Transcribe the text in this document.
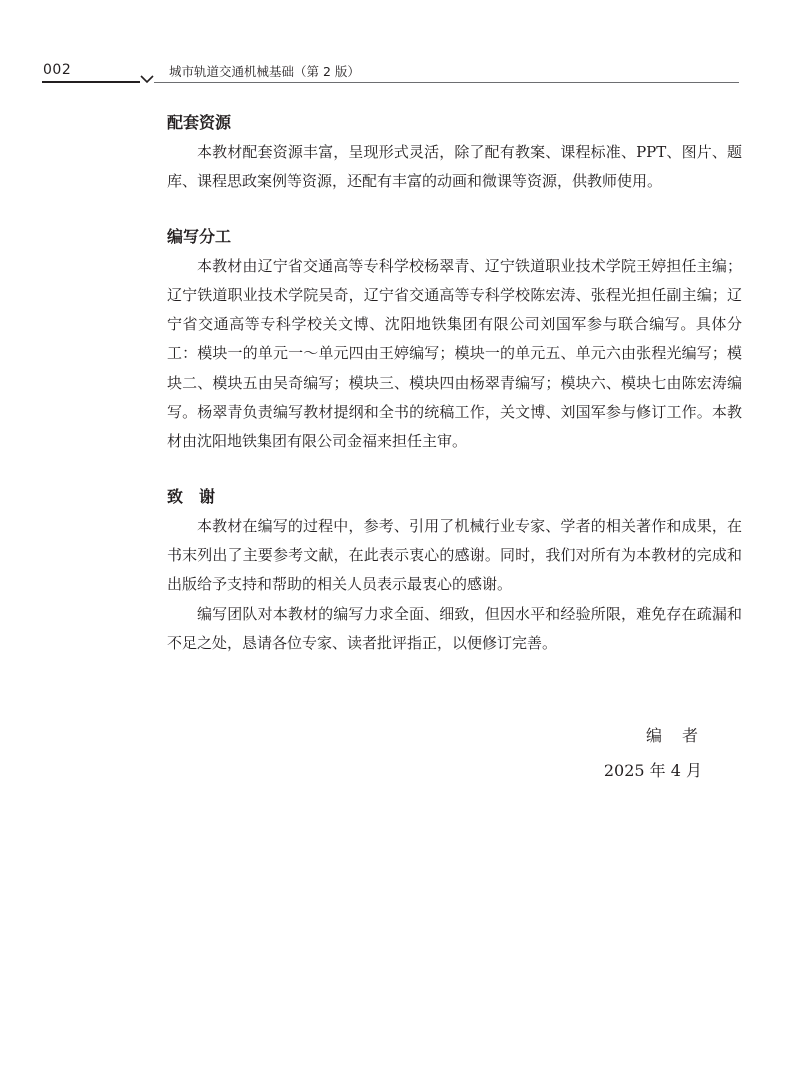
002	城市轨道交通机械基础（第 2 版）
配套资源

本教材配套资源丰富，呈现形式灵活，除了配有教案、课程标准、PPT、图片、题库、课程思政案例等资源，还配有丰富的动画和微课等资源，供教师使用。

编写分工

本教材由辽宁省交通高等专科学校杨翠青、辽宁铁道职业技术学院王婷担任主编；辽宁铁道职业技术学院吴奇，辽宁省交通高等专科学校陈宏涛、张程光担任副主编；辽宁省交通高等专科学校关文博、沈阳地铁集团有限公司刘国军参与联合编写。具体分工：模块一的单元一～单元四由王婷编写；模块一的单元五、单元六由张程光编写；模块二、模块五由吴奇编写；模块三、模块四由杨翠青编写；模块六、模块七由陈宏涛编写。杨翠青负责编写教材提纲和全书的统稿工作，关文博、刘国军参与修订工作。本教材由沈阳地铁集团有限公司金福来担任主审。

致　谢

本教材在编写的过程中，参考、引用了机械行业专家、学者的相关著作和成果，在书末列出了主要参考文献，在此表示衷心的感谢。同时，我们对所有为本教材的完成和出版给予支持和帮助的相关人员表示最衷心的感谢。

编写团队对本教材的编写力求全面、细致，但因水平和经验所限，难免存在疏漏和不足之处，恳请各位专家、读者批评指正，以便修订完善。

编者
2025 年 4 月
